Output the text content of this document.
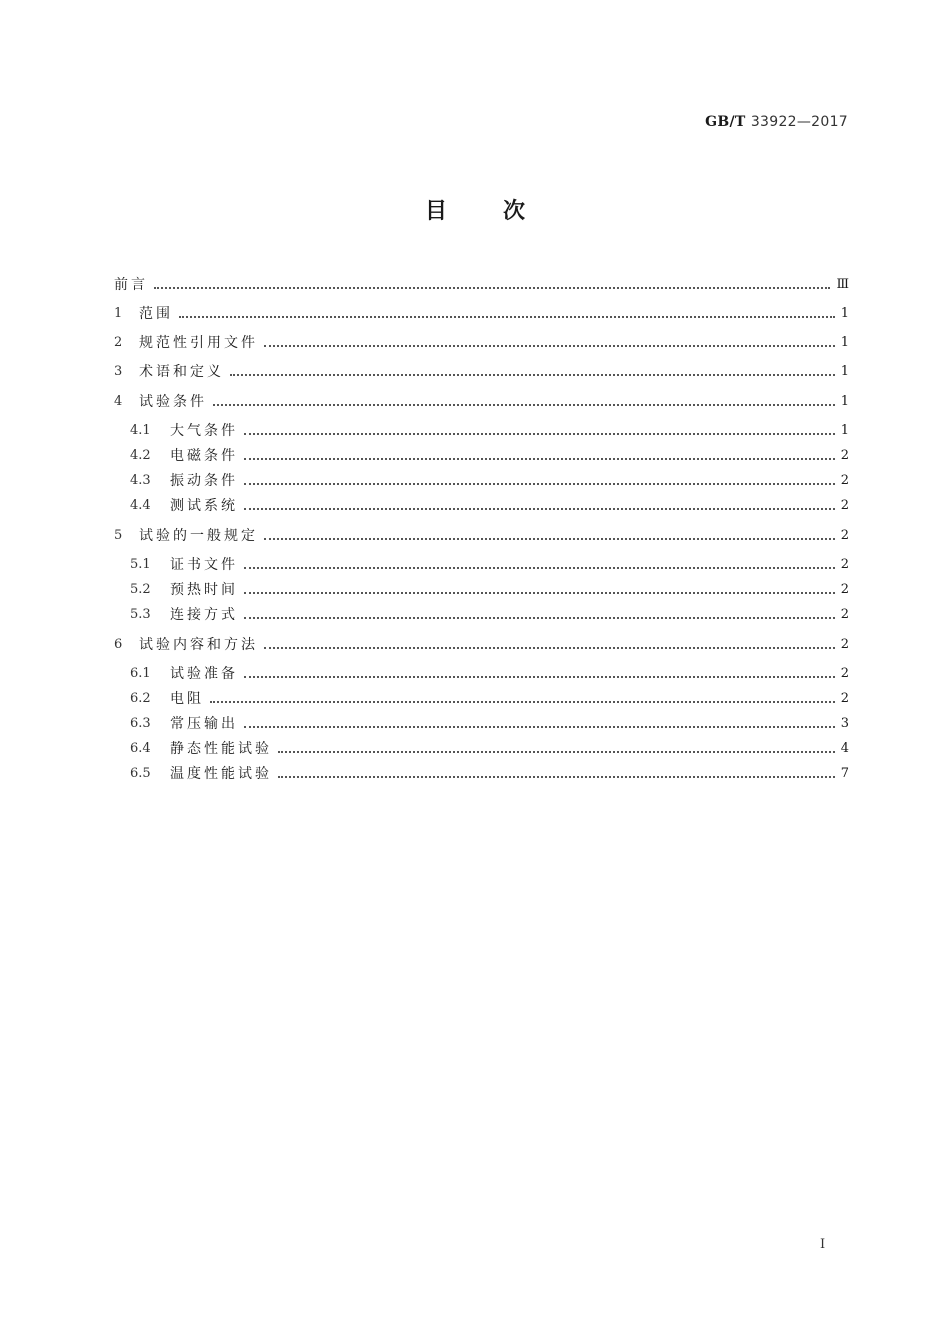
GB/T 33922—2017
目	次
前言	Ⅲ
1	范围	1
2	规范性引用文件	1
3	术语和定义	1
4	试验条件	1
4.1	大气条件	1
4.2	电磁条件	2
4.3	振动条件	2
4.4	测试系统	2
5	试验的一般规定	2
5.1	证书文件	2
5.2	预热时间	2
5.3	连接方式	2
6	试验内容和方法	2
6.1	试验准备	2
6.2	电阻	2
6.3	常压输出	3
6.4	静态性能试验	4
6.5	温度性能试验	7
I
